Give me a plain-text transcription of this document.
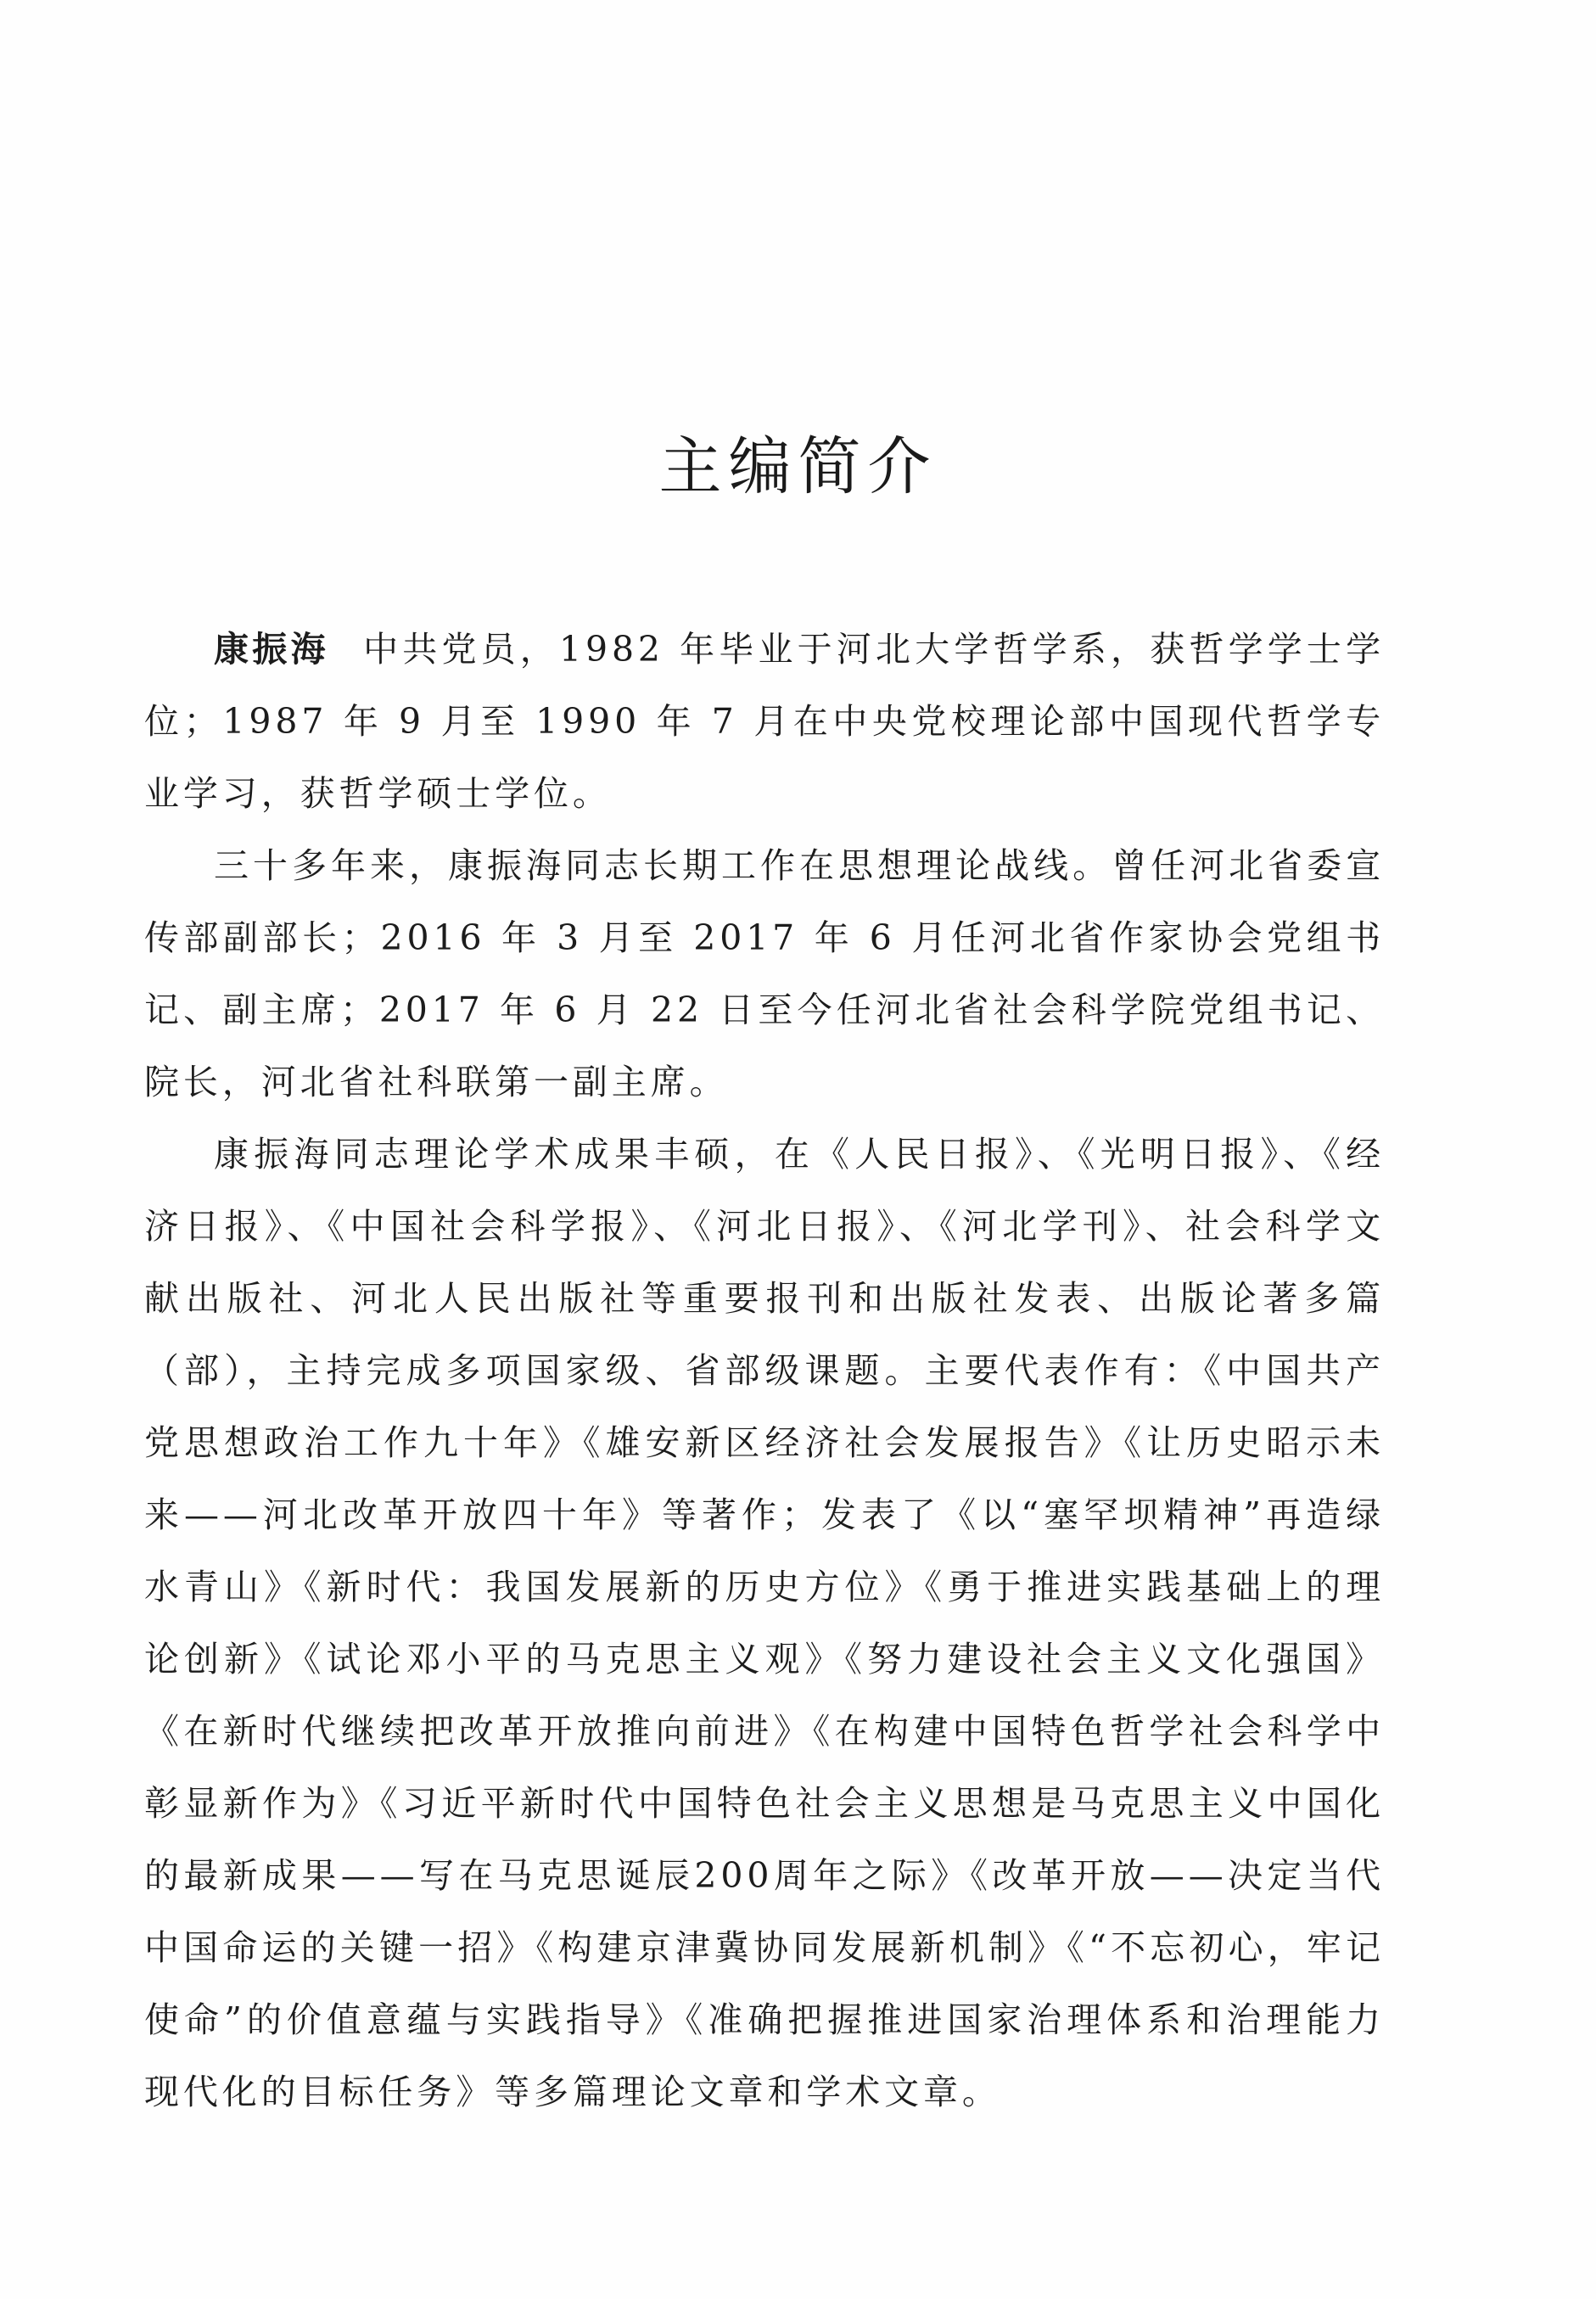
主编简介

康振海 中共党员，1982 年毕业于河北大学哲学系，获哲学学士学位；1987 年 9 月至 1990 年 7 月在中央党校理论部中国现代哲学专业学习，获哲学硕士学位。

三十多年来，康振海同志长期工作在思想理论战线。曾任河北省委宣传部副部长；2016 年 3 月至 2017 年 6 月任河北省作家协会党组书记、副主席；2017 年 6 月 22 日至今任河北省社会科学院党组书记、院长，河北省社科联第一副主席。

康振海同志理论学术成果丰硕，在《人民日报》、《光明日报》、《经济日报》、《中国社会科学报》、《河北日报》、《河北学刊》、社会科学文献出版社、河北人民出版社等重要报刊和出版社发表、出版论著多篇（部），主持完成多项国家级、省部级课题。主要代表作有：《中国共产党思想政治工作九十年》《雄安新区经济社会发展报告》《让历史昭示未来——河北改革开放四十年》等著作；发表了《以“塞罕坝精神”再造绿水青山》《新时代：我国发展新的历史方位》《勇于推进实践基础上的理论创新》《试论邓小平的马克思主义观》《努力建设社会主义文化强国》《在新时代继续把改革开放推向前进》《在构建中国特色哲学社会科学中彰显新作为》《习近平新时代中国特色社会主义思想是马克思主义中国化的最新成果——写在马克思诞辰200周年之际》《改革开放——决定当代中国命运的关键一招》《构建京津冀协同发展新机制》《“不忘初心，牢记使命”的价值意蕴与实践指导》《准确把握推进国家治理体系和治理能力现代化的目标任务》等多篇理论文章和学术文章。
